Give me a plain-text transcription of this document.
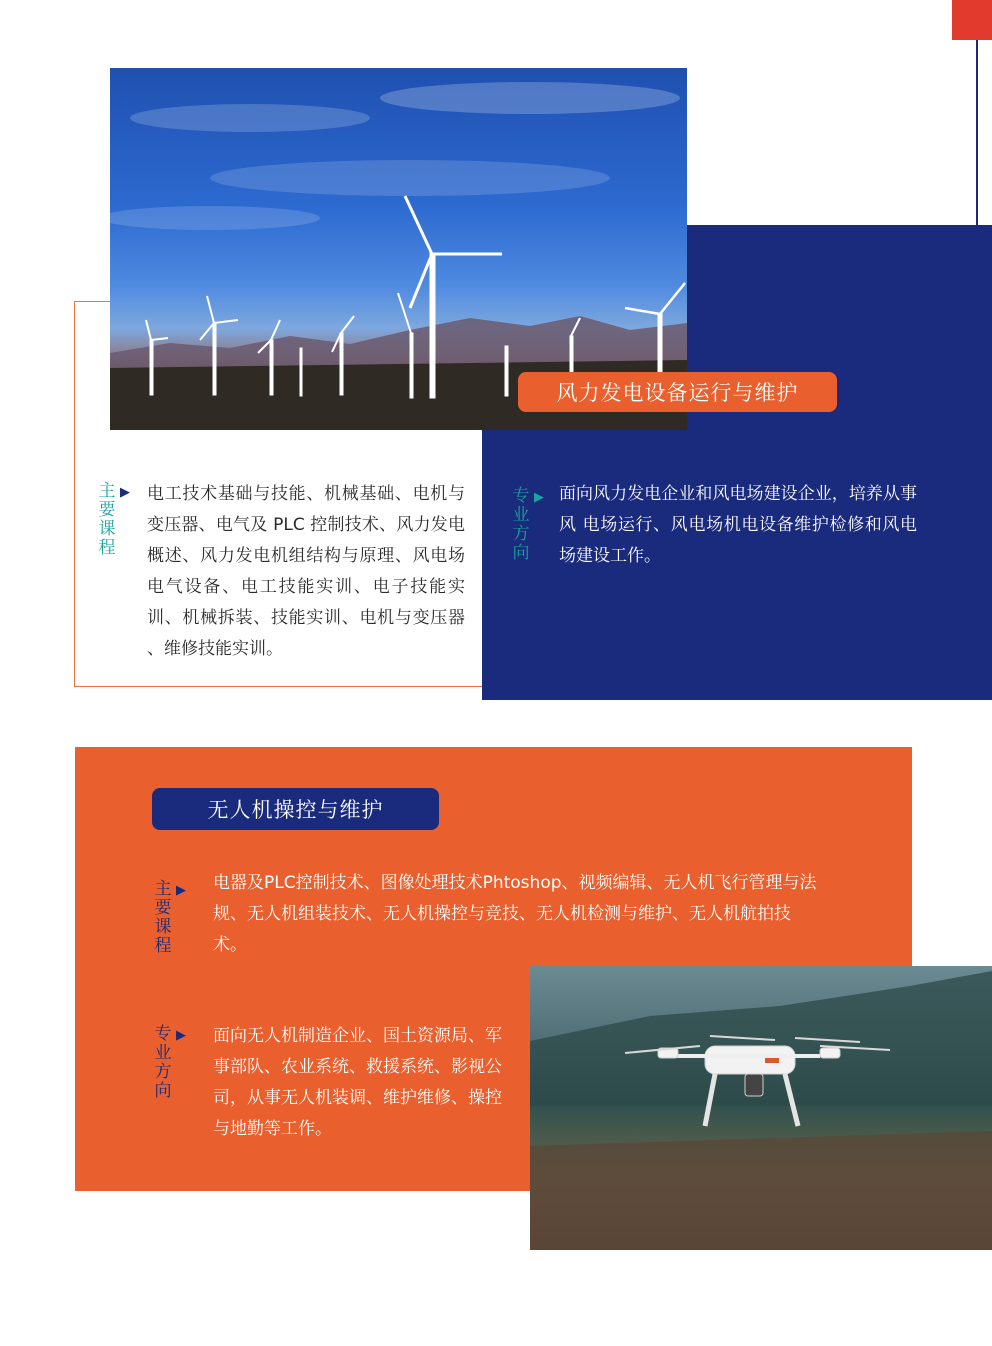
风力发电设备运行与维护
主
要
课
程
▶ 电工技术基础与技能、机械基础、电机与变压器、电气及 PLC 控制技术、风力发电概述、风力发电机组结构与原理、风电场电气设备、电工技能实训、电子技能实训、机械拆装、技能实训、电机与变压器 、维修技能实训。
专
业
方
向
▶ 面向风力发电企业和风电场建设企业，培养从事风 电场运行、风电场机电设备维护检修和风电场建设工作。
无人机操控与维护
主
要
课
程
▶ 电器及PLC控制技术、图像处理技术Phtoshop、视频编辑、无人机飞行管理与法规、无人机组装技术、无人机操控与竞技、无人机检测与维护、无人机航拍技术。
专
业
方
向
▶ 面向无人机制造企业、国土资源局、军事部队、农业系统、救援系统、影视公司，从事无人机装调、维护维修、操控与地勤等工作。
